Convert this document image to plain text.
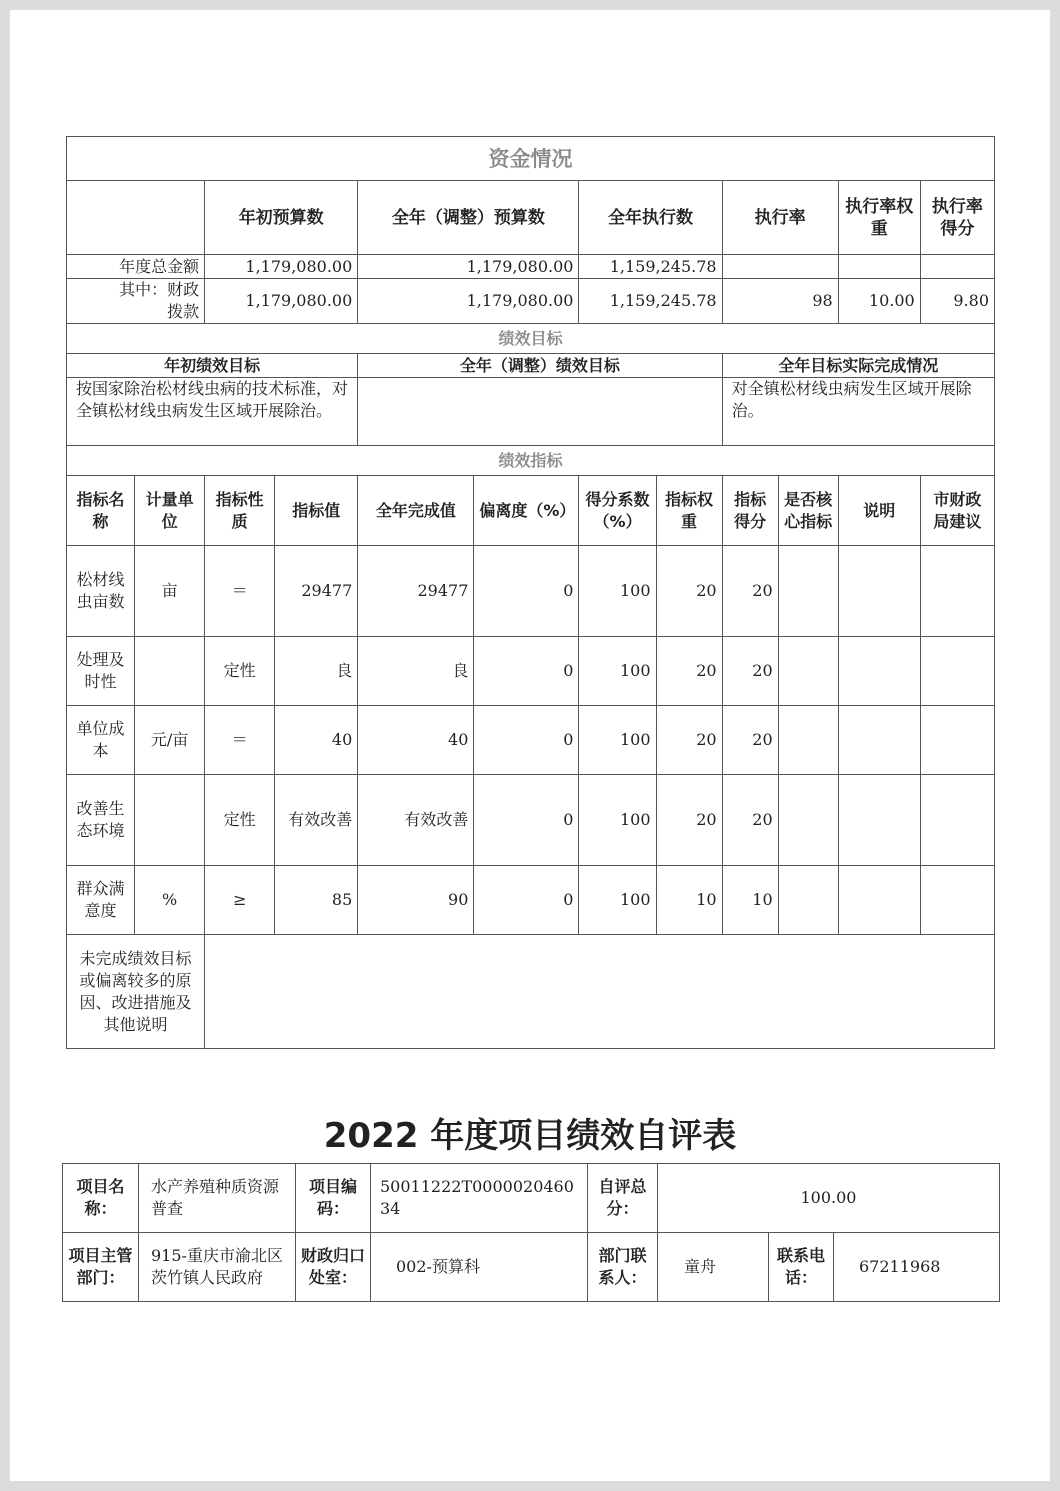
资金情况											
		年初预算数		全年（调整）预算数		全年执行数		执行率		执行率权重	执行率得分
年度总金额		1,179,080.00		1,179,080.00		1,159,245.78					
其中：财政拨款		1,179,080.00		1,179,080.00		1,159,245.78		98		10.00	9.80
绩效目标											
年初绩效目标				全年（调整）绩效目标				全年目标实际完成情况			
按国家除治松材线虫病的技术标准，对全镇松材线虫病发生区域开展除治。								对全镇松材线虫病发生区域开展除治。			
绩效指标											
指标名称	计量单位	指标性质	指标值	全年完成值	偏离度（%）	得分系数（%）	指标权重	指标得分	是否核心指标	说明	市财政局建议
松材线虫亩数	亩	＝	29477	29477	0	100	20	20			
处理及时性		定性	良	良	0	100	20	20			
单位成本	元/亩	＝	40	40	0	100	20	20			
改善生态环境		定性	有效改善	有效改善	0	100	20	20			
群众满意度	%	≥	85	90	0	100	10	10			
未完成绩效目标或偏离较多的原因、改进措施及其他说明											
2022 年度项目绩效自评表
项目名称：	水产养殖种质资源普查	项目编码：	50011222T000002046034	自评总分：	100.00		
项目主管部门：	915-重庆市渝北区茨竹镇人民政府	财政归口处室：	002-预算科	部门联系人：	童舟	联系电话：	67211968
